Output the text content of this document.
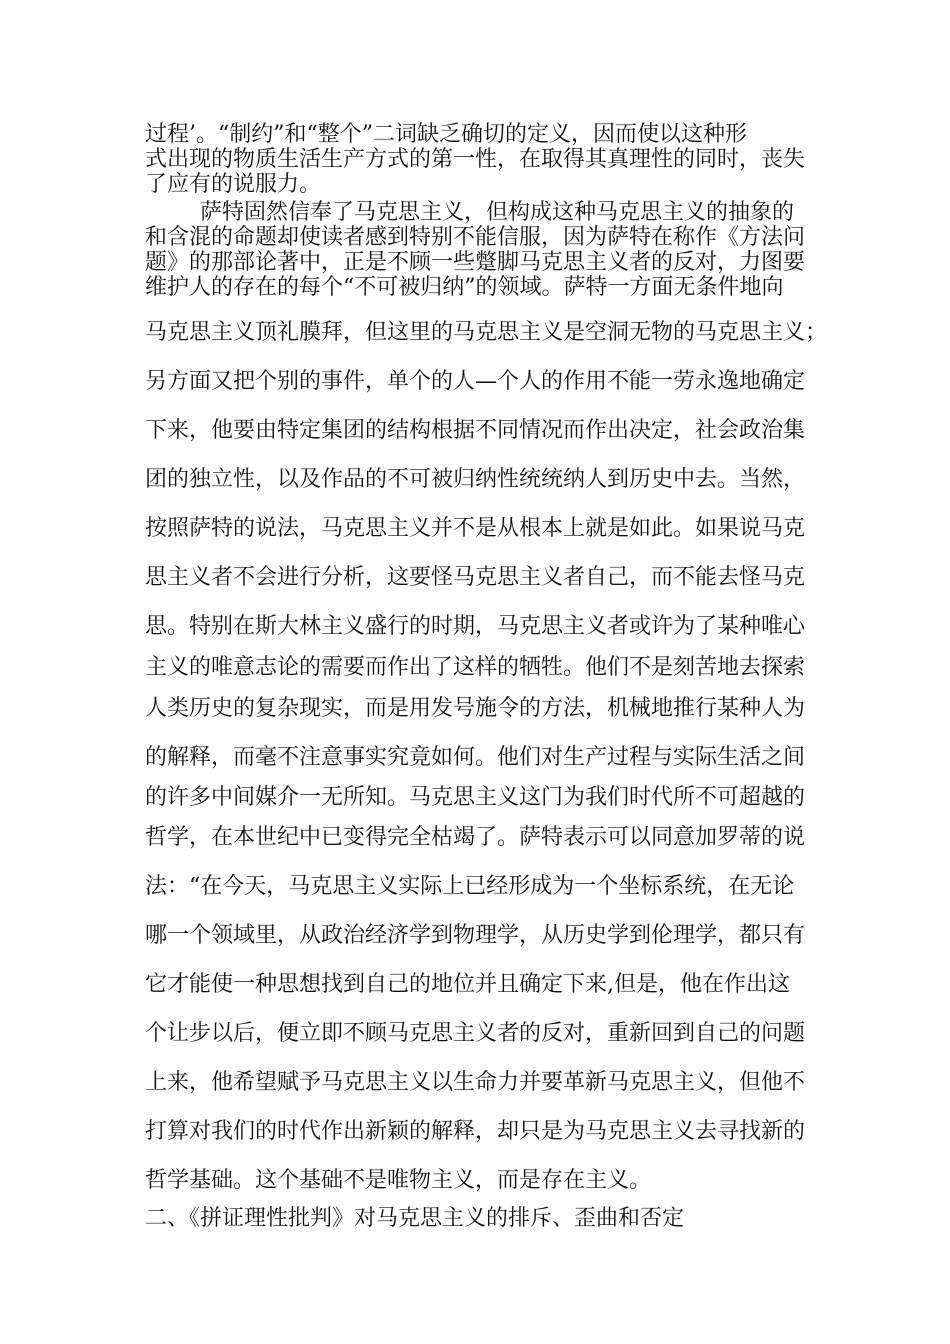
过程’。“制约”和“整个”二词缺乏确切的定义，因而使以这种形
式出现的物质生活生产方式的第一性，在取得其真理性的同时，丧失
了应有的说服力。
萨特固然信奉了马克思主义，但构成这种马克思主义的抽象的
和含混的命题却使读者感到特别不能信服，因为萨特在称作《方法问
题》的那部论著中，正是不顾一些蹩脚马克思主义者的反对，力图要
维护人的存在的每个“不可被归纳”的领域。萨特一方面无条件地向
马克思主义顶礼膜拜，但这里的马克思主义是空洞无物的马克思主义；
另方面又把个别的事件，单个的人—个人的作用不能一劳永逸地确定
下来，他要由特定集团的结构根据不同情况而作出决定，社会政治集
团的独立性，以及作品的不可被归纳性统统纳人到历史中去。当然，
按照萨特的说法，马克思主义并不是从根本上就是如此。如果说马克
思主义者不会进行分析，这要怪马克思主义者自己，而不能去怪马克
思。特别在斯大林主义盛行的时期，马克思主义者或许为了某种唯心
主义的唯意志论的需要而作出了这样的牺牲。他们不是刻苦地去探索
人类历史的复杂现实，而是用发号施令的方法，机械地推行某种人为
的解释，而毫不注意事实究竟如何。他们对生产过程与实际生活之间
的许多中间媒介一无所知。马克思主义这门为我们时代所不可超越的
哲学，在本世纪中已变得完全枯竭了。萨特表示可以同意加罗蒂的说
法：“在今天，马克思主义实际上已经形成为一个坐标系统，在无论
哪一个领域里，从政治经济学到物理学，从历史学到伦理学，都只有
它才能使一种思想找到自己的地位并且确定下来,但是，他在作出这
个让步以后，便立即不顾马克思主义者的反对，重新回到自己的问题
上来，他希望赋予马克思主义以生命力并要革新马克思主义，但他不
打算对我们的时代作出新颖的解释，却只是为马克思主义去寻找新的
哲学基础。这个基础不是唯物主义，而是存在主义。
二、《拼证理性批判》对马克思主义的排斥、歪曲和否定
